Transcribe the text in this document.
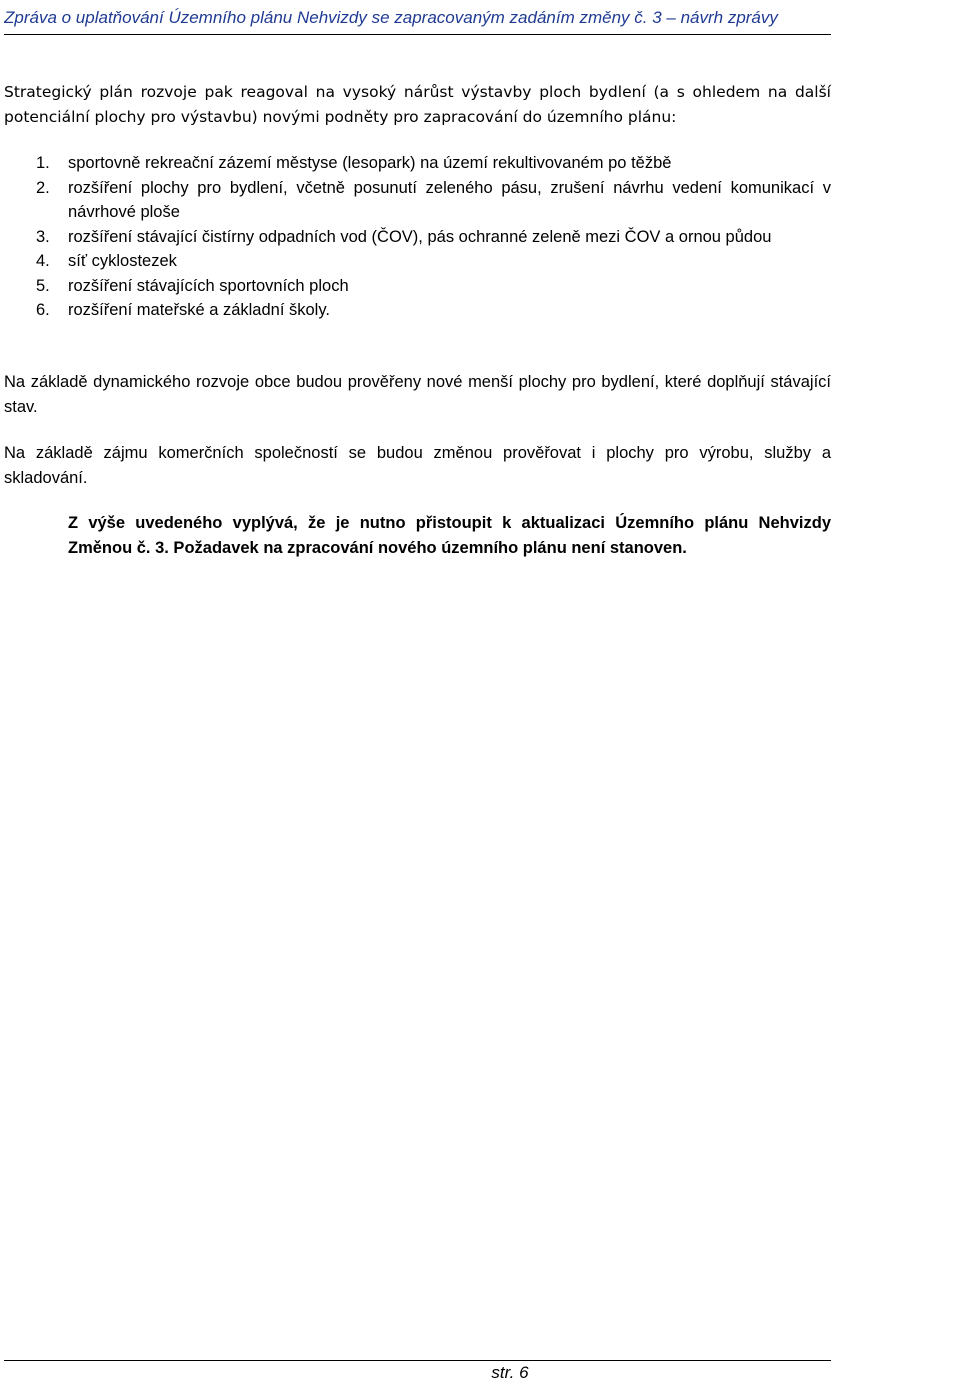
Zpráva o uplatňování Územního plánu Nehvizdy se zapracovaným zadáním změny č. 3 – návrh zprávy

Strategický plán rozvoje pak reagoval na vysoký nárůst výstavby ploch bydlení (a s ohledem na další potenciální plochy pro výstavbu) novými podněty pro zapracování do územního plánu:

1. sportovně rekreační zázemí městyse (lesopark) na území rekultivovaném po těžbě
2. rozšíření plochy pro bydlení, včetně posunutí zeleného pásu, zrušení návrhu vedení komunikací v návrhové ploše
3. rozšíření stávající čistírny odpadních vod (ČOV), pás ochranné zeleně mezi ČOV a ornou půdou
4. síť cyklostezek
5. rozšíření stávajících sportovních ploch
6. rozšíření mateřské a základní školy.

Na základě dynamického rozvoje obce budou prověřeny nové menší plochy pro bydlení, které doplňují stávající stav.

Na základě zájmu komerčních společností se budou změnou prověřovat i plochy pro výrobu, služby a skladování.

Z výše uvedeného vyplývá, že je nutno přistoupit k aktualizaci Územního plánu Nehvizdy Změnou č. 3. Požadavek na zpracování nového územního plánu není stanoven.

str. 6
